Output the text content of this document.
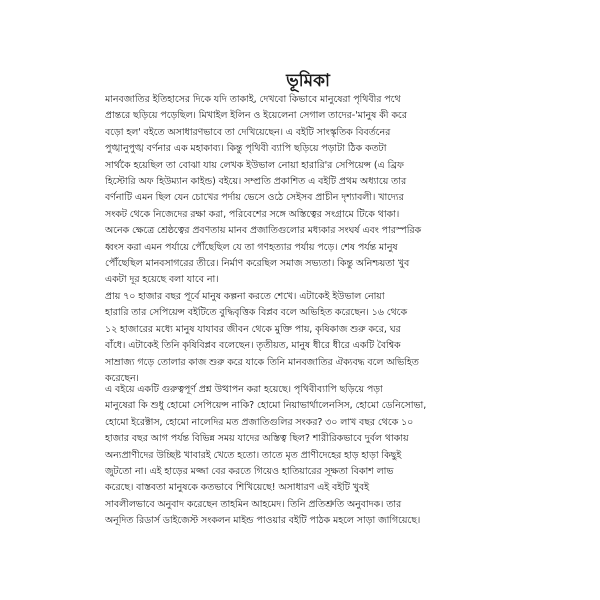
ভূমিকা
মানবজাতির ইতিহাসের দিকে যদি তাকাই, দেখবো কিভাবে মানুষেরা পৃথিবীর পথে
প্রান্তরে ছড়িয়ে পড়েছিল। মিখাইল ইলিন ও ইয়েলেনা সেগাল তাদের-'মানুষ কী করে
বড়ো হল' বইতে অসাধারণভাবে তা দেখিয়েছেন। এ বইটি সাংস্কৃতিক বিবর্তনের
পুঙ্খানুপুঙ্খ বর্ণনার এক মহাকাব্য। কিন্তু পৃথিবী ব্যাপি ছড়িয়ে পড়াটা ঠিক কতটা
সার্থকৈ হয়েছিল তা বোঝা যায় লেখক ইউভাল নোয়া হারারি'র সেপিয়েন্স (এ ব্রিফ
হিস্টোরি অফ হিউম্যান কাইন্ড) বইয়ে। সম্প্রতি প্রকাশিত এ বইটি প্রথম অধ্যায়ে তার
বর্ণনাটি এমন ছিল যেন চোখের পর্দায় ভেসে ওঠে সেইসব প্রাচীন দৃশ্যাবলী। খাদ্যের
সংকট থেকে নিজেদের রক্ষা করা, পরিবেশের সঙ্গে অস্তিত্বের সংগ্রামে টিকে থাকা।
অনেক ক্ষেত্রে শ্রেষ্ঠত্বের প্রবণতায় মানব প্রজাতিগুলোর মধ্যকার সংঘর্ষ এবং পারস্পরিক
ধ্বংস করা এমন পর্যায়ে পৌঁছেছিল যে তা গণহত্যার পর্যায় পড়ে। শেষ পর্যন্ত মানুষ
পৌঁছেছিল মানবসাগরের তীরে। নির্মাণ করেছিল সমাজ সভ্যতা। কিন্তু অনিশ্চয়তা খুব
একটা দূর হয়েছে বলা যাবে না।
প্রায় ৭০ হাজার বছর পূর্বে মানুষ কল্পনা করতে শেখে। এটাকেই ইউভাল নোয়া
হারারি তার সেপিয়েন্স বইটিতে বুদ্ধিবৃত্তিক বিপ্লব বলে অভিহিত করেছেন। ১৬ থেকে
১২ হাজারের মধ্যে মানুষ যাযাবর জীবন থেকে মুক্তি পায়, কৃষিকাজ শুরু করে, ঘর
বাঁধে। এটাকেই তিনি কৃষিবিপ্লব বলেছেন। তৃতীয়ত, মানুষ ধীরে ধীরে একটি বৈশ্বিক
সাম্রাজ্য গড়ে তোলার কাজ শুরু করে যাকে তিনি মানবজাতির ঐক্যবদ্ধ বলে অভিহিত
করেছেন।
এ বইয়ে একটি গুরুত্বপূর্ণ প্রশ্ন উত্থাপন করা হয়েছে। পৃথিবীব্যাপি ছড়িয়ে পড়া
মানুষেরা কি শুধু হোমো সেপিয়েন্স নাকি? হোমো নিয়াভার্থালেনসিস, হোমো ডেনিসোভা,
হোমো ইরেক্টাস, হোমো নালেদির মত প্রজাতিগুলির সংকর? ৩০ লাখ বছর থেকে ১০
হাজার বছর আগ পর্যন্ত বিভিন্ন সময় যাদের অস্তিত্ব ছিল? শারীরিকভাবে দুর্বল থাকায়
অন্যপ্রাণীদের উচ্ছিষ্ট খাবারই খেতে হতো। তাতে মৃত প্রাণীদেহের হাড় হাড়া কিছুই
জুটতো না। এই হাড়ের মজ্জা বের করতে গিয়েও হাতিয়ারের সূক্ষতা বিকাশ লাভ
করেছে। বাস্তবতা মানুষকে কতভাবে শিখিয়েছে! অসাধারণ এই বইটি খুবই
সাবলীলভাবে অনুবাদ করেছেন তাহমিন আহমেদ। তিনি প্রতিশ্রুতি অনুবাদক। তার
অনূদিত রিডার্স ডাইজেস্ট সংকলন মাইন্ড পাওয়ার বইটি পাঠক মহলে সাড়া জাগিয়েছে।
